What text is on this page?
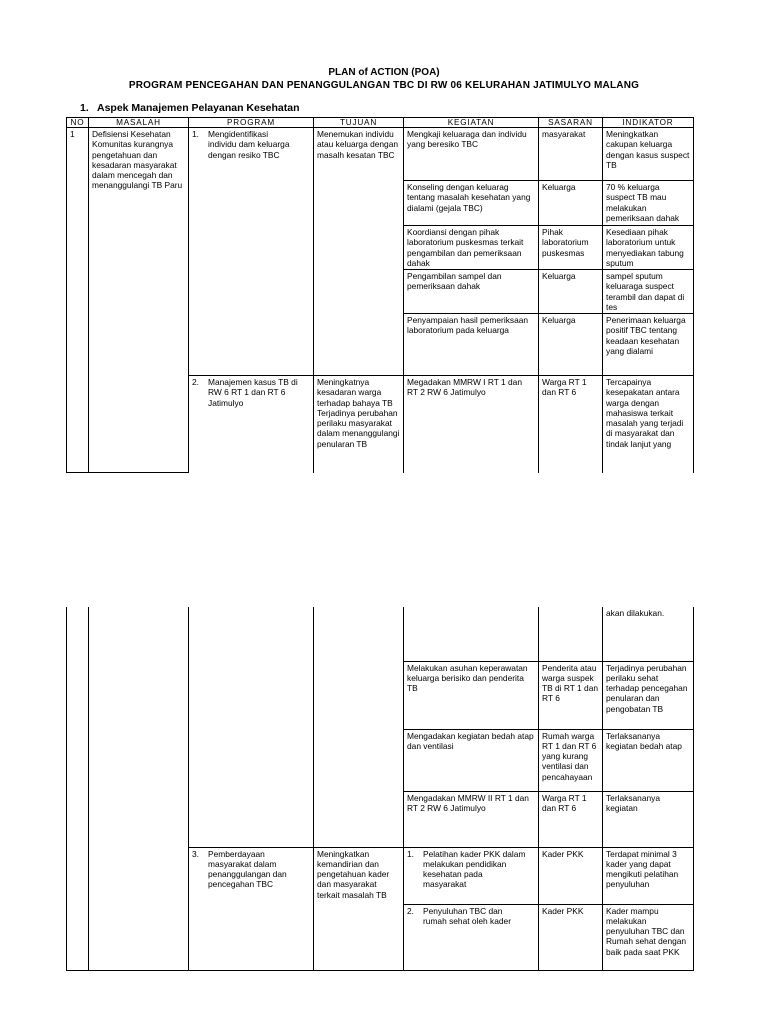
PLAN of ACTION (POA)
PROGRAM PENCEGAHAN DAN PENANGGULANGAN TBC DI RW 06 KELURAHAN JATIMULYO MALANG
1. Aspek Manajemen Pelayanan Kesehatan
NO	MASALAH	PROGRAM	TUJUAN	KEGIATAN	SASARAN	INDIKATOR
1	Defisiensi Kesehatan Komunitas kurangnya pengetahuan dan kesadaran masyarakat dalam mencegah dan menanggulangi TB Paru	1. Mengidentifikasi individu dam keluarga dengan resiko TBC	Menemukan individu atau keluarga dengan masalh kesatan TBC	Mengkaji keluaraga dan individu yang beresiko TBC	masyarakat	Meningkatkan cakupan keluarga dengan kasus suspect TB
				Konseling dengan keluarag tentang masalah kesehatan yang dialami (gejala TBC)	Keluarga	70 % keluarga suspect TB mau melakukan pemeriksaan dahak
				Koordiansi dengan pihak laboratorium puskesmas terkait pengambilan dan pemeriksaan dahak	Pihak laboratorium puskesmas	Kesediaan pihak laboratorium untuk menyediakan tabung sputum
				Pengambilan sampel dan pemeriksaan dahak	Keluarga	sampel sputum keluaraga suspect terambil dan dapat di tes
				Penyampaian hasil pemeriksaan laboratorium pada keluarga	Keluarga	Penerimaan keluarga positif TBC tentang keadaan kesehatan yang dialami
		2. Manajemen kasus TB di RW 6 RT 1 dan RT 6 Jatimulyo	Meningkatnya kesadaran warga terhadap bahaya TB Terjadinya perubahan perilaku masyarakat dalam menanggulangi penularan TB	Megadakan MMRW I RT 1 dan RT 2 RW 6 Jatimulyo	Warga RT 1 dan RT 6	Tercapainya kesepakatan antara warga dengan mahasiswa terkait masalah yang terjadi di masyarakat dan tindak lanjut yang
						akan dilakukan.
				Melakukan asuhan keperawatan keluarga berisiko dan penderita TB	Penderita atau warga suspek TB di RT 1 dan RT 6	Terjadinya perubahan perilaku sehat terhadap pencegahan penularan dan pengobatan TB
				Mengadakan kegiatan bedah atap dan ventilasi	Rumah warga RT 1 dan RT 6 yang kurang ventilasi dan pencahayaan	Terlaksananya kegiatan bedah atap
				Mengadakan MMRW II RT 1 dan RT 2 RW 6 Jatimulyo	Warga RT 1 dan RT 6	Terlaksananya kegiatan
		3. Pemberdayaan masyarakat dalam penanggulangan dan pencegahan TBC	Meningkatkan kemandirian dan pengetahuan kader dan masyarakat terkait masalah TB	1. Pelatihan kader PKK dalam melakukan pendidikan kesehatan pada masyarakat	Kader PKK	Terdapat minimal 3 kader yang dapat mengikuti pelatihan penyuluhan
				2. Penyuluhan TBC dan rumah sehat oleh kader	Kader PKK	Kader mampu melakukan penyuluhan TBC dan Rumah sehat dengan baik pada saat PKK
